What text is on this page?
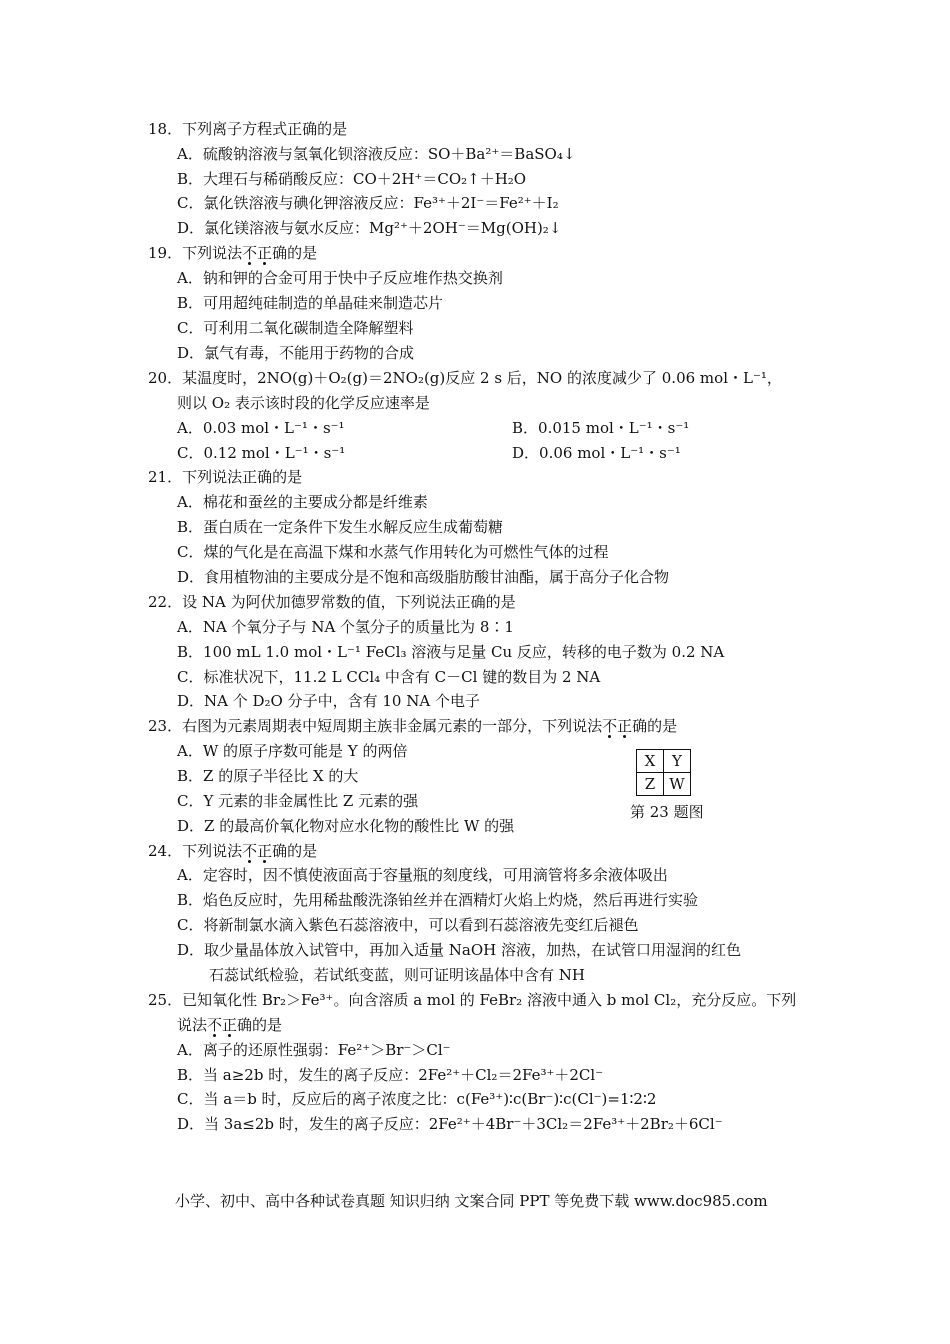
18．下列离子方程式正确的是
A．硫酸钠溶液与氢氧化钡溶液反应：SO＋Ba²⁺＝BaSO₄↓
B．大理石与稀硝酸反应：CO＋2H⁺＝CO₂↑＋H₂O
C．氯化铁溶液与碘化钾溶液反应：Fe³⁺＋2I⁻＝Fe²⁺＋I₂
D．氯化镁溶液与氨水反应：Mg²⁺＋2OH⁻＝Mg(OH)₂↓
19．下列说法不正确的是
A．钠和钾的合金可用于快中子反应堆作热交换剂
B．可用超纯硅制造的单晶硅来制造芯片
C．可利用二氧化碳制造全降解塑料
D．氯气有毒，不能用于药物的合成
20．某温度时，2NO(g)＋O₂(g)＝2NO₂(g)反应 2 s 后，NO 的浓度减少了 0.06 mol・L⁻¹，
则以 O₂ 表示该时段的化学反应速率是
A．0.03 mol・L⁻¹・s⁻¹	B．0.015 mol・L⁻¹・s⁻¹
C．0.12 mol・L⁻¹・s⁻¹	D．0.06 mol・L⁻¹・s⁻¹
21．下列说法正确的是
A．棉花和蚕丝的主要成分都是纤维素
B．蛋白质在一定条件下发生水解反应生成葡萄糖
C．煤的气化是在高温下煤和水蒸气作用转化为可燃性气体的过程
D．食用植物油的主要成分是不饱和高级脂肪酸甘油酯，属于高分子化合物
22．设 NA 为阿伏加德罗常数的值，下列说法正确的是
A．NA 个氧分子与 NA 个氢分子的质量比为 8∶1
B．100 mL 1.0 mol・L⁻¹ FeCl₃ 溶液与足量 Cu 反应，转移的电子数为 0.2 NA
C．标准状况下，11.2 L CCl₄ 中含有 C－Cl 键的数目为 2 NA
D．NA 个 D₂O 分子中，含有 10 NA 个电子
23．右图为元素周期表中短周期主族非金属元素的一部分，下列说法不正确的是
A．W 的原子序数可能是 Y 的两倍
B．Z 的原子半径比 X 的大
C．Y 元素的非金属性比 Z 元素的强
D．Z 的最高价氧化物对应水化物的酸性比 W 的强
X	Y
Z	W
第 23 题图
24．下列说法不正确的是
A．定容时，因不慎使液面高于容量瓶的刻度线，可用滴管将多余液体吸出
B．焰色反应时，先用稀盐酸洗涤铂丝并在酒精灯火焰上灼烧，然后再进行实验
C．将新制氯水滴入紫色石蕊溶液中，可以看到石蕊溶液先变红后褪色
D．取少量晶体放入试管中，再加入适量 NaOH 溶液，加热，在试管口用湿润的红色
石蕊试纸检验，若试纸变蓝，则可证明该晶体中含有 NH
25．已知氧化性 Br₂＞Fe³⁺。向含溶质 a mol 的 FeBr₂ 溶液中通入 b mol Cl₂，充分反应。下列
说法不正确的是
A．离子的还原性强弱：Fe²⁺＞Br⁻＞Cl⁻
B．当 a≥2b 时，发生的离子反应：2Fe²⁺＋Cl₂＝2Fe³⁺＋2Cl⁻
C．当 a＝b 时，反应后的离子浓度之比：c(Fe³⁺)∶c(Br⁻)∶c(Cl⁻)=1∶2∶2
D．当 3a≤2b 时，发生的离子反应：2Fe²⁺＋4Br⁻＋3Cl₂＝2Fe³⁺＋2Br₂＋6Cl⁻
小学、初中、高中各种试卷真题 知识归纳 文案合同 PPT 等免费下载 www.doc985.com
